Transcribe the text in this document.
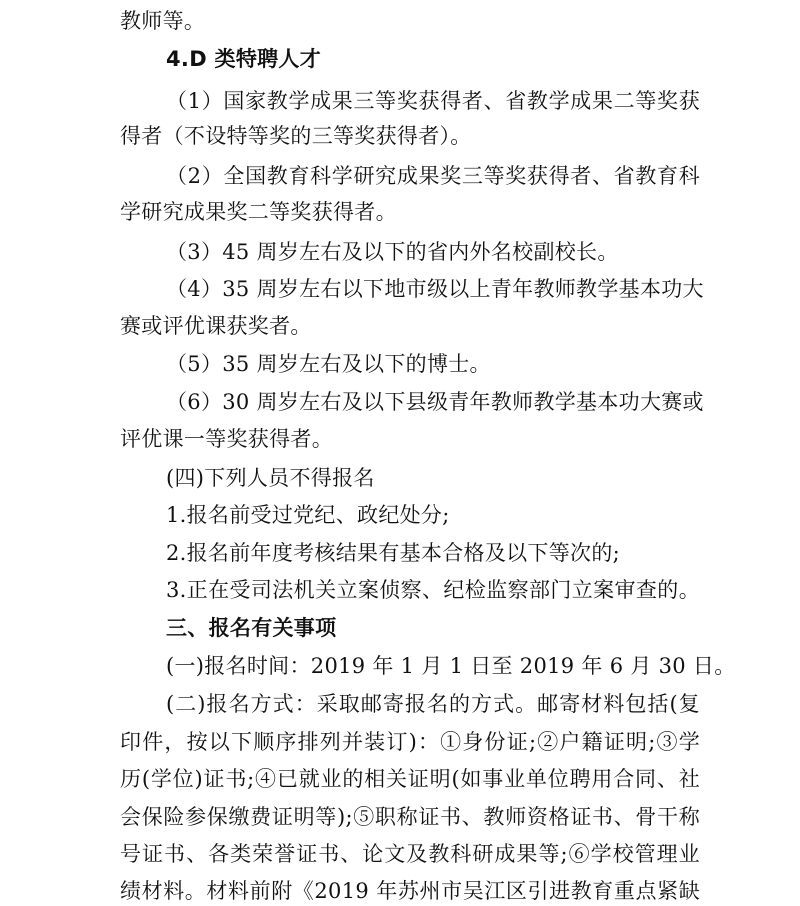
教师等。
4.D 类特聘人才
（1）国家教学成果三等奖获得者、省教学成果二等奖获
得者（不设特等奖的三等奖获得者）。
（2）全国教育科学研究成果奖三等奖获得者、省教育科
学研究成果奖二等奖获得者。
（3）45 周岁左右及以下的省内外名校副校长。
（4）35 周岁左右以下地市级以上青年教师教学基本功大
赛或评优课获奖者。
（5）35 周岁左右及以下的博士。
（6）30 周岁左右及以下县级青年教师教学基本功大赛或
评优课一等奖获得者。
(四)下列人员不得报名
1.报名前受过党纪、政纪处分;
2.报名前年度考核结果有基本合格及以下等次的;
3.正在受司法机关立案侦察、纪检监察部门立案审查的。
三、报名有关事项
(一)报名时间：2019 年 1 月 1 日至 2019 年 6 月 30 日。
(二)报名方式：采取邮寄报名的方式。邮寄材料包括(复
印件，按以下顺序排列并装订)：①身份证;②户籍证明;③学
历(学位)证书;④已就业的相关证明(如事业单位聘用合同、社
会保险参保缴费证明等);⑤职称证书、教师资格证书、骨干称
号证书、各类荣誉证书、论文及教科研成果等;⑥学校管理业
绩材料。材料前附《2019 年苏州市吴江区引进教育重点紧缺
